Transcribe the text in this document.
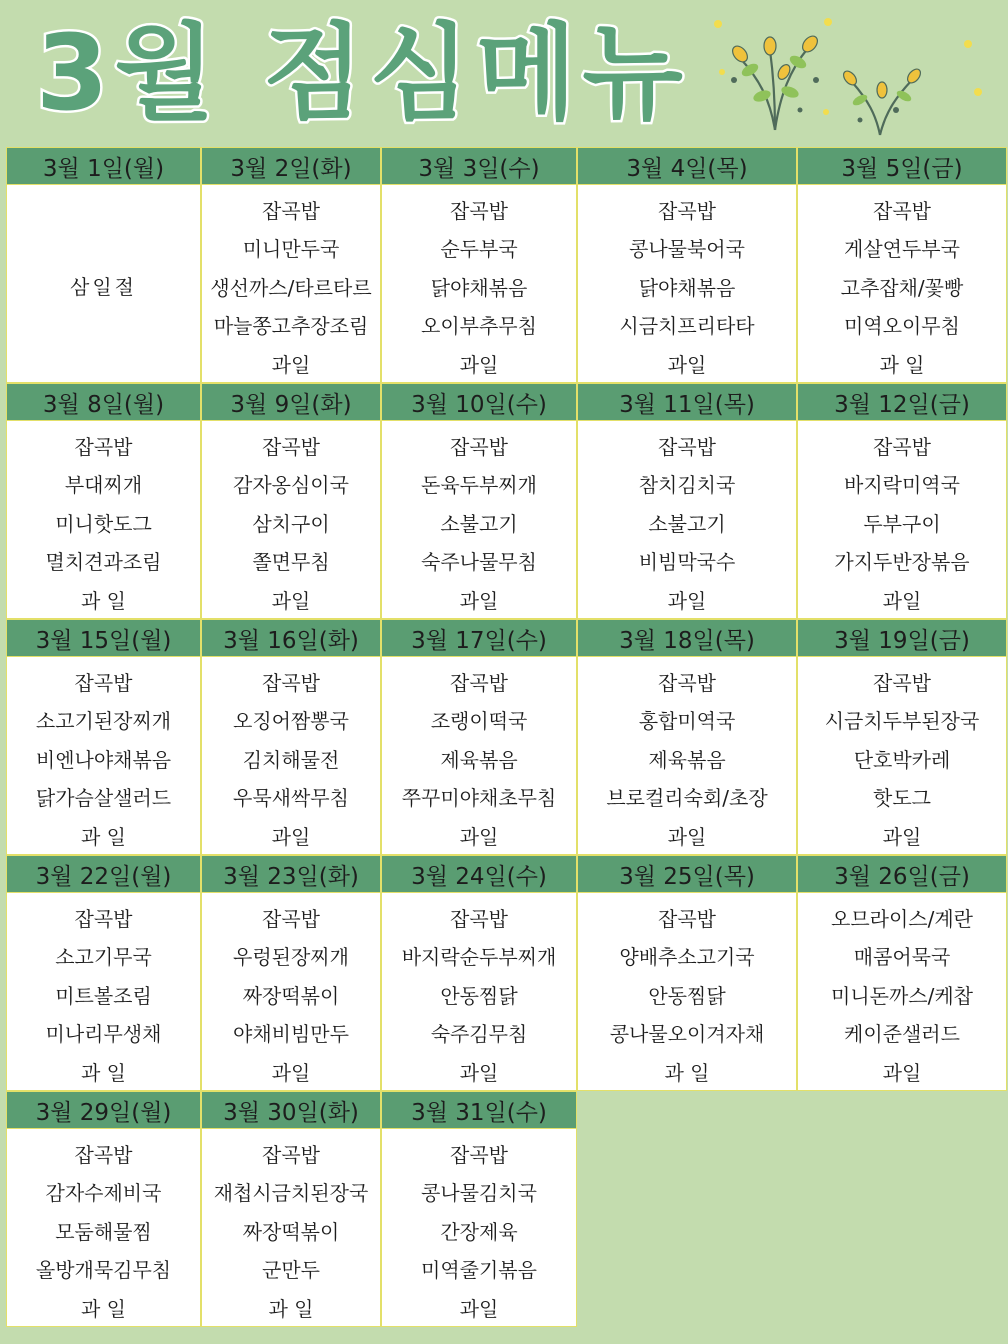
3월 점심메뉴
3월 1일(월)
삼일절
3월 2일(화)
잡곡밥
미니만두국
생선까스/타르타르
마늘쫑고추장조림
과일
3월 3일(수)
잡곡밥
순두부국
닭야채볶음
오이부추무침
과일
3월 4일(목)
잡곡밥
콩나물북어국
닭야채볶음
시금치프리타타
과일
3월 5일(금)
잡곡밥
게살연두부국
고추잡채/꽃빵
미역오이무침
과 일
3월 8일(월)
잡곡밥
부대찌개
미니핫도그
멸치견과조림
과 일
3월 9일(화)
잡곡밥
감자옹심이국
삼치구이
쫄면무침
과일
3월 10일(수)
잡곡밥
돈육두부찌개
소불고기
숙주나물무침
과일
3월 11일(목)
잡곡밥
참치김치국
소불고기
비빔막국수
과일
3월 12일(금)
잡곡밥
바지락미역국
두부구이
가지두반장볶음
과일
3월 15일(월)
잡곡밥
소고기된장찌개
비엔나야채볶음
닭가슴살샐러드
과 일
3월 16일(화)
잡곡밥
오징어짬뽕국
김치해물전
우묵새싹무침
과일
3월 17일(수)
잡곡밥
조랭이떡국
제육볶음
쭈꾸미야채초무침
과일
3월 18일(목)
잡곡밥
홍합미역국
제육볶음
브로컬리숙회/초장
과일
3월 19일(금)
잡곡밥
시금치두부된장국
단호박카레
핫도그
과일
3월 22일(월)
잡곡밥
소고기무국
미트볼조림
미나리무생채
과 일
3월 23일(화)
잡곡밥
우렁된장찌개
짜장떡볶이
야채비빔만두
과일
3월 24일(수)
잡곡밥
바지락순두부찌개
안동찜닭
숙주김무침
과일
3월 25일(목)
잡곡밥
양배추소고기국
안동찜닭
콩나물오이겨자채
과 일
3월 26일(금)
오므라이스/계란
매콤어묵국
미니돈까스/케찹
케이준샐러드
과일
3월 29일(월)
잡곡밥
감자수제비국
모둠해물찜
올방개묵김무침
과 일
3월 30일(화)
잡곡밥
재첩시금치된장국
짜장떡볶이
군만두
과 일
3월 31일(수)
잡곡밥
콩나물김치국
간장제육
미역줄기볶음
과일
